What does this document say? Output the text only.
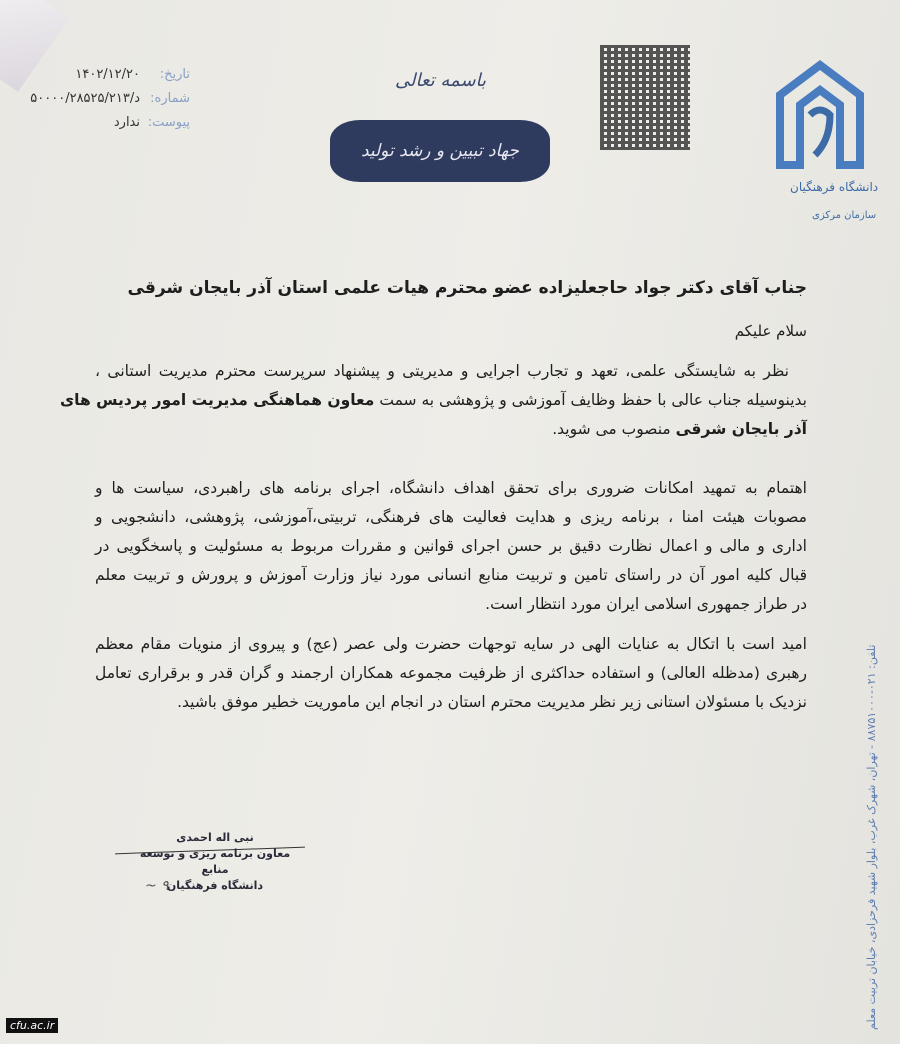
تاریخ:
۱۴۰۲/۱۲/۲۰
شماره:
د/۵۰۰۰۰/۲۸۵۲۵/۲۱۳
پیوست:
ندارد
باسمه تعالی
جهاد تبیین و رشد تولید
دانشگاه فرهنگیان
سازمان مرکزی
جناب آقای دکتر جواد حاجعلیزاده عضو محترم هیات علمی استان آذر بایجان شرقی
سلام علیکم
نظر به شایستگی علمی، تعهد و تجارب اجرایی و مدیریتی و پیشنهاد سرپرست محترم مدیریت استانی ،
بدینوسیله جناب عالی با حفظ وظایف آموزشی و پژوهشی به سمت معاون هماهنگی مدیریت امور پردیس های
آذر بایجان شرقی منصوب می شوید.
اهتمام به تمهید امکانات ضروری برای تحقق اهداف دانشگاه، اجرای برنامه های راهبردی، سیاست ها و
مصوبات هیئت امنا ، برنامه ریزی و هدایت فعالیت های فرهنگی، تربیتی،آموزشی، پژوهشی، دانشجویی و
اداری و مالی و اعمال نظارت دقیق بر حسن اجرای قوانین و مقررات مربوط به مسئولیت و پاسخگویی در
قبال کلیه امور آن در راستای تامین و تربیت منابع انسانی مورد نیاز وزارت آموزش و پرورش و تربیت معلم
در طراز جمهوری اسلامی ایران مورد انتظار است.
امید است با اتکال به عنایات الهی در سایه توجهات حضرت ولی عصر (عج) و پیروی از منویات مقام معظم
رهبری (مدظله العالی) و استفاده حداکثری از ظرفیت مجموعه همکاران ارجمند و گران قدر و برقراری تعامل
نزدیک با مسئولان استانی زیر نظر مدیریت محترم استان در انجام این ماموریت خطیر موفق باشید.
نبی اله احمدی
معاون برنامه ریزی و توسعه منابع
دانشگاه فرهنگیان
~ ۹	تلفن: ۰۲۱-۸۸۷۵۱۰۰۰ - تهران، شهرک غرب، بلوار شهید فرحزادی، خیابان تربیت معلم
cfu.ac.ir
